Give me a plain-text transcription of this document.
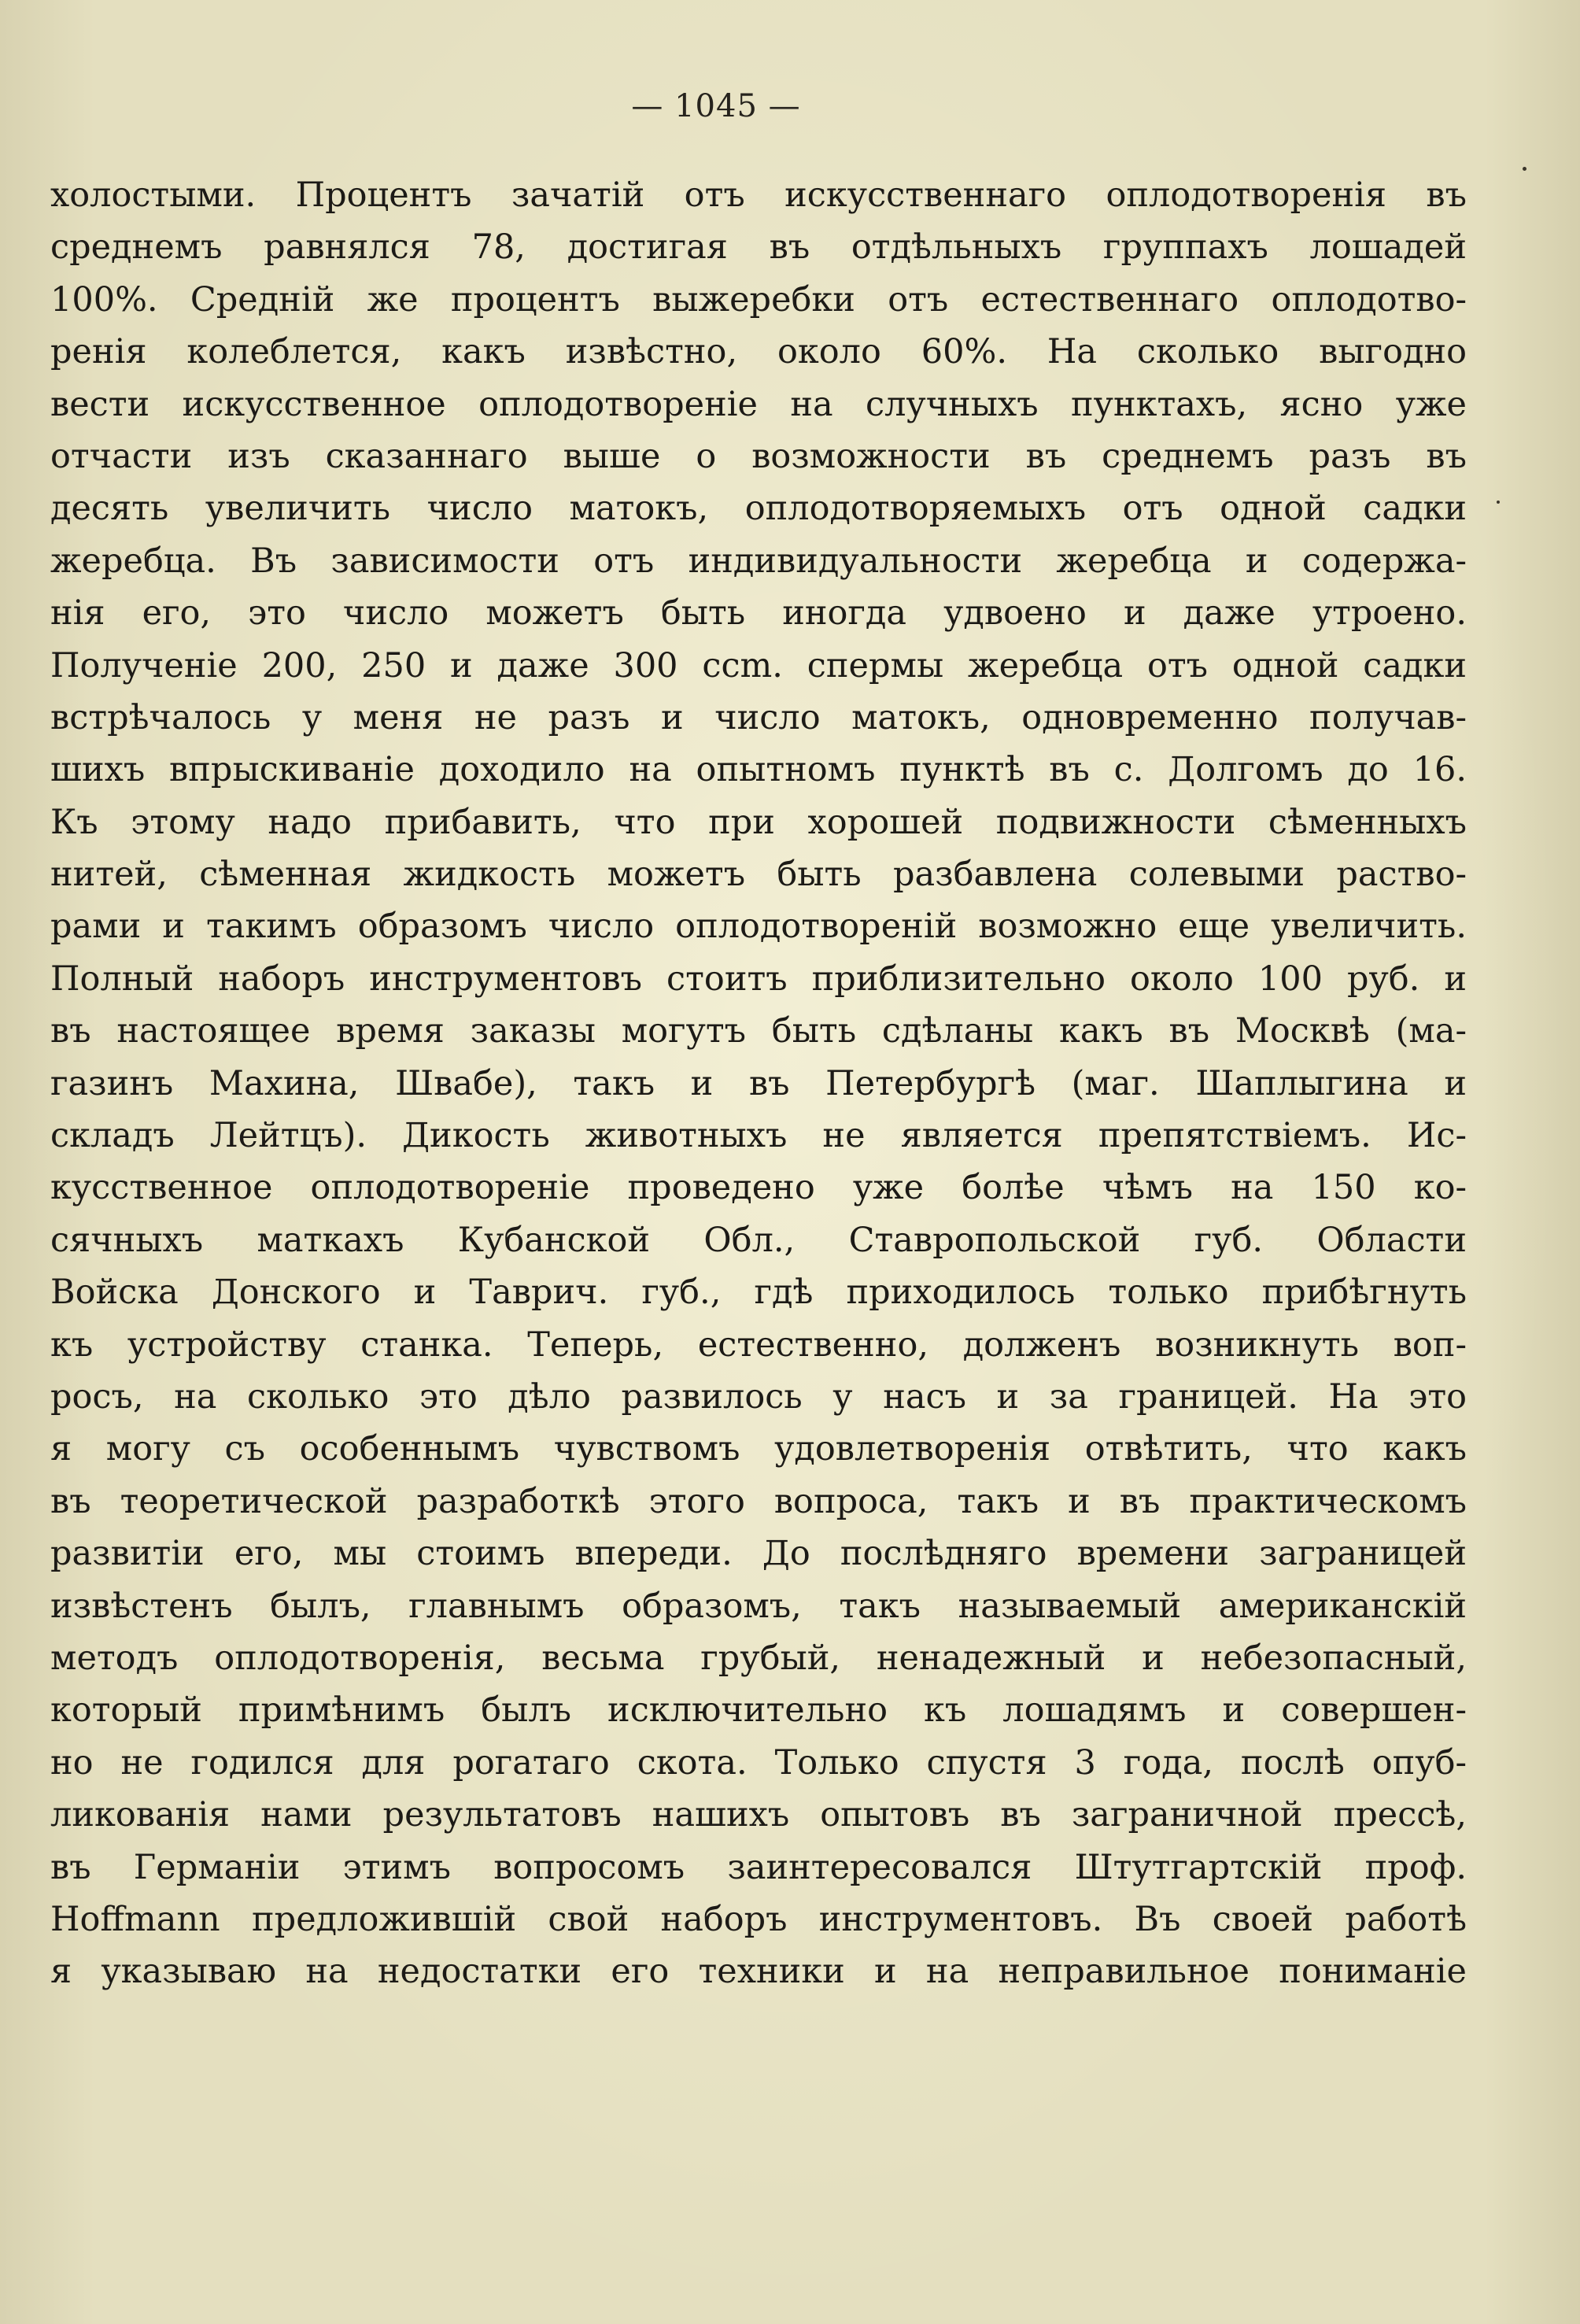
— 1045 —
холостыми. Процентъ зачатій отъ искусственнаго оплодотворенія въ
среднемъ равнялся 78, достигая въ отдѣльныхъ группахъ лошадей
100%. Средній же процентъ выжеребки отъ естественнаго оплодотво-
ренія колеблется, какъ извѣстно, около 60%. На сколько выгодно
вести искусственное оплодотвореніе на случныхъ пунктахъ, ясно уже
отчасти изъ сказаннаго выше о возможности въ среднемъ разъ въ
десять увеличить число матокъ, оплодотворяемыхъ отъ одной садки
жеребца. Въ зависимости отъ индивидуальности жеребца и содержа-
нія его, это число можетъ быть иногда удвоено и даже утроено.
Полученіе 200, 250 и даже 300 ccm. спермы жеребца отъ одной садки
встрѣчалось у меня не разъ и число матокъ, одновременно получав-
шихъ впрыскиваніе доходило на опытномъ пунктѣ въ с. Долгомъ до 16.
Къ этому надо прибавить, что при хорошей подвижности сѣменныхъ
нитей, сѣменная жидкость можетъ быть разбавлена солевыми раство-
рами и такимъ образомъ число оплодотвореній возможно еще увеличить.
Полный наборъ инструментовъ стоитъ приблизительно около 100 руб. и
въ настоящее время заказы могутъ быть сдѣланы какъ въ Москвѣ (ма-
газинъ Махина, Швабе), такъ и въ Петербургѣ (маг. Шаплыгина и
складъ Лейтцъ). Дикость животныхъ не является препятствіемъ. Ис-
кусственное оплодотвореніе проведено уже болѣе чѣмъ на 150 ко-
сячныхъ маткахъ Кубанской Обл., Ставропольской губ. Области
Войска Донского и Таврич. губ., гдѣ приходилось только прибѣгнуть
къ устройству станка. Теперь, естественно, долженъ возникнуть воп-
росъ, на сколько это дѣло развилось у насъ и за границей. На это
я могу съ особеннымъ чувствомъ удовлетворенія отвѣтить, что какъ
въ теоретической разработкѣ этого вопроса, такъ и въ практическомъ
развитіи его, мы стоимъ впереди. До послѣдняго времени заграницей
извѣстенъ былъ, главнымъ образомъ, такъ называемый американскій
методъ оплодотворенія, весьма грубый, ненадежный и небезопасный,
который примѣнимъ былъ исключительно къ лошадямъ и совершен-
но не годился для рогатаго скота. Только спустя 3 года, послѣ опуб-
ликованія нами результатовъ нашихъ опытовъ въ заграничной прессѣ,
въ Германіи этимъ вопросомъ заинтересовался Штутгартскій проф.
Hoffmann предложившій свой наборъ инструментовъ. Въ своей работѣ
я указываю на недостатки его техники и на неправильное пониманіе
